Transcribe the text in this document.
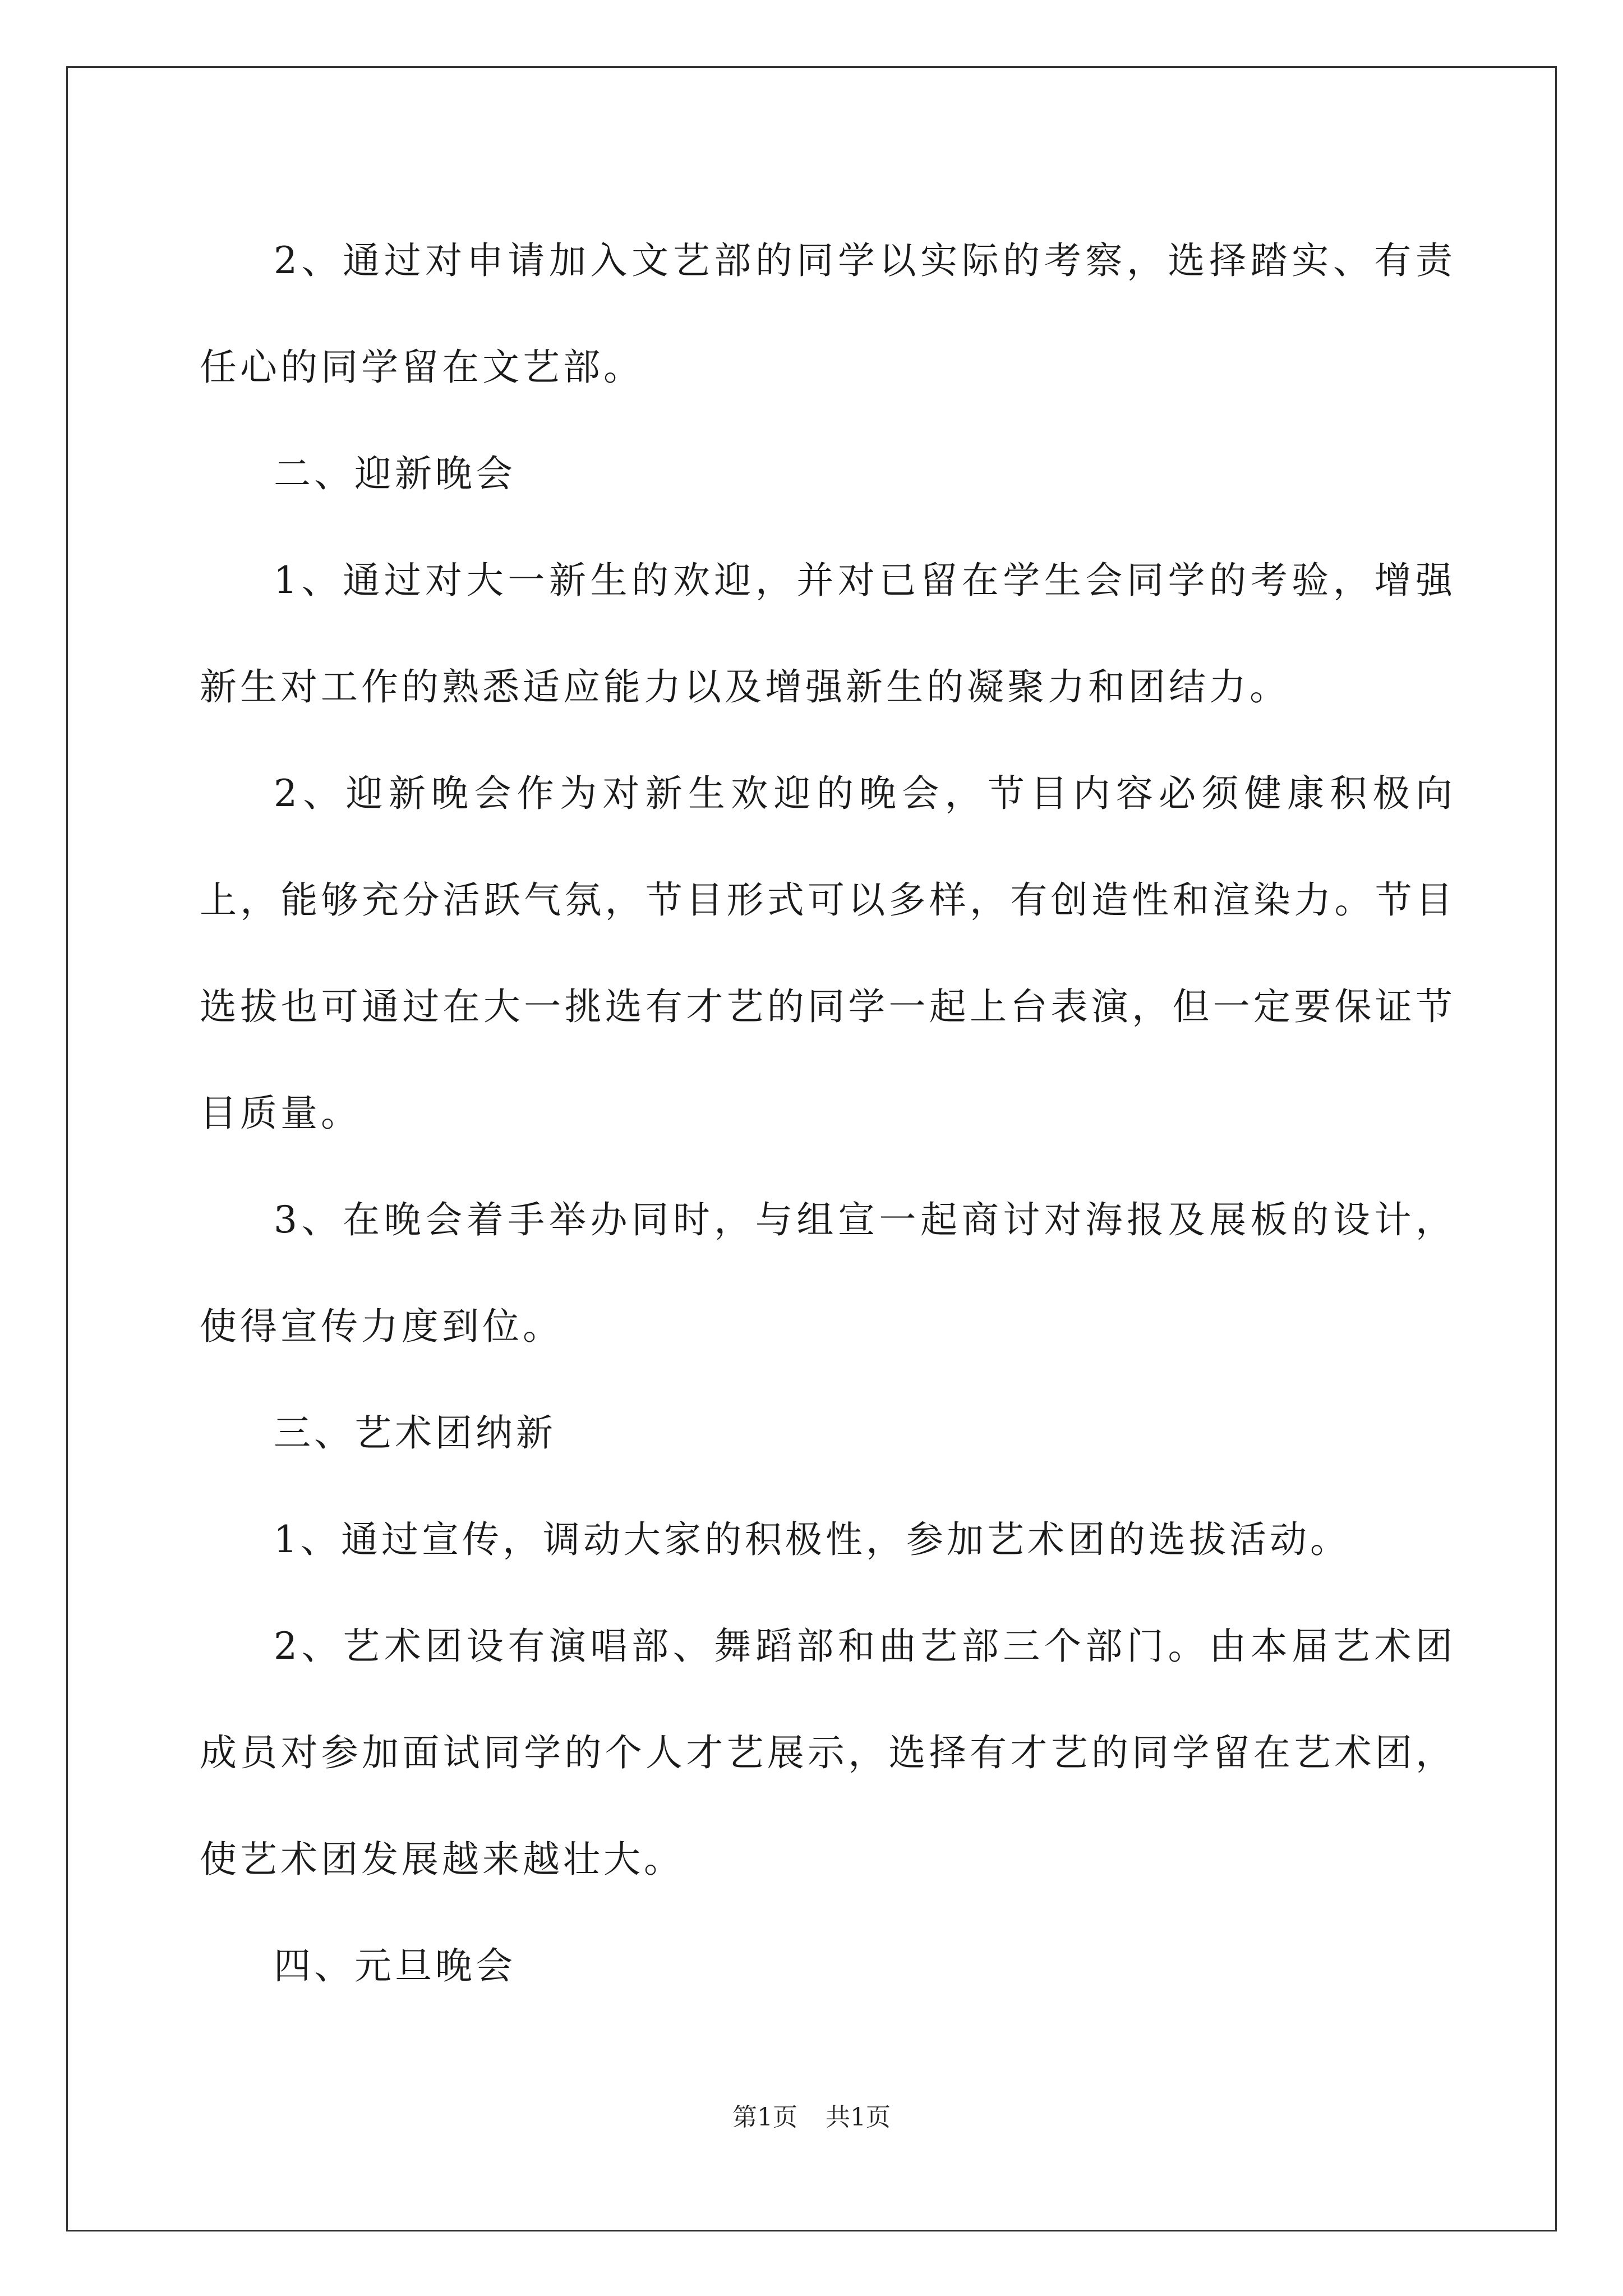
2、通过对申请加入文艺部的同学以实际的考察，选择踏实、有责任心的同学留在文艺部。

二、迎新晚会

1、通过对大一新生的欢迎，并对已留在学生会同学的考验，增强新生对工作的熟悉适应能力以及增强新生的凝聚力和团结力。

2、迎新晚会作为对新生欢迎的晚会，节目内容必须健康积极向上，能够充分活跃气氛，节目形式可以多样，有创造性和渲染力。节目选拔也可通过在大一挑选有才艺的同学一起上台表演，但一定要保证节目质量。

3、在晚会着手举办同时，与组宣一起商讨对海报及展板的设计，使得宣传力度到位。

三、艺术团纳新

1、通过宣传，调动大家的积极性，参加艺术团的选拔活动。

2、艺术团设有演唱部、舞蹈部和曲艺部三个部门。由本届艺术团成员对参加面试同学的个人才艺展示，选择有才艺的同学留在艺术团，使艺术团发展越来越壮大。

四、元旦晚会

第1页 共1页
